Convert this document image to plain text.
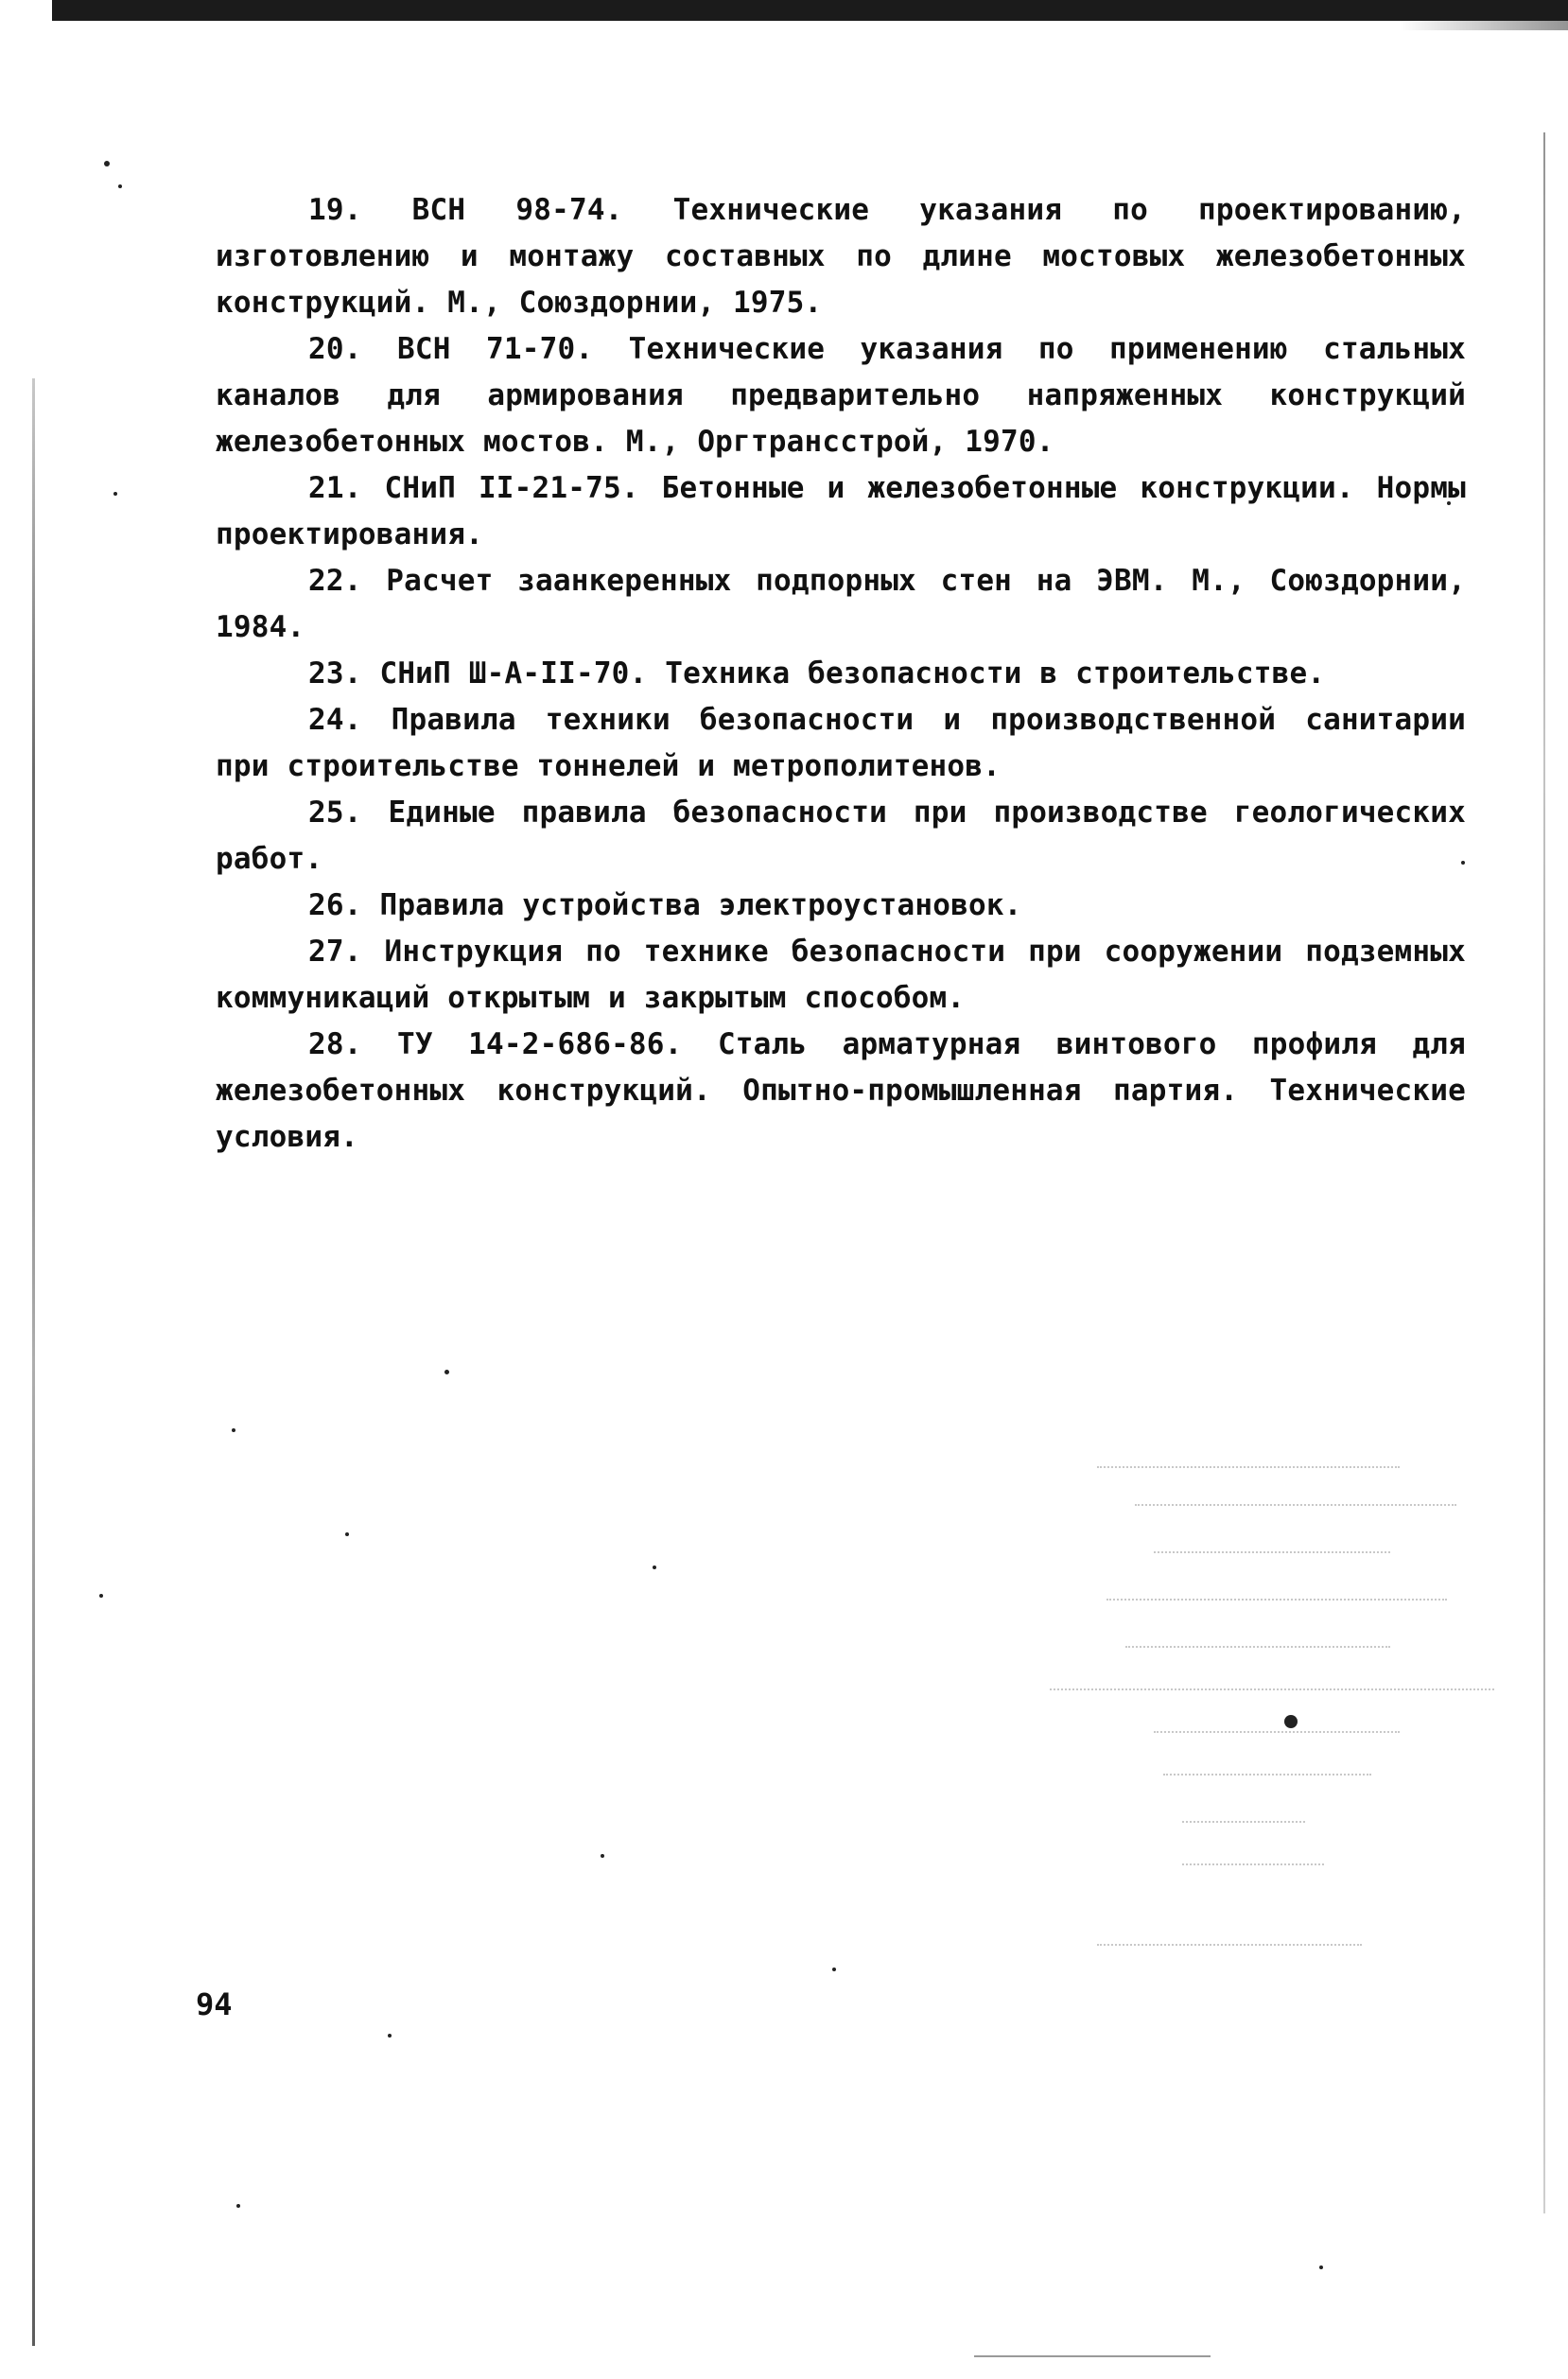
19. ВСН 98-74. Технические указания по проектированию, изготовлению и монтажу составных по длине мостовых железобетонных конструкций. М., Союздорнии, 1975.

20. ВСН 71-70. Технические указания по применению стальных каналов для армирования предварительно напряженных конструкций железобетонных мостов. М., Оргтрансстрой, 1970.

21. СНиП II-21-75. Бетонные и железобетонные конструкции. Нормы проектирования.

22. Расчет заанкеренных подпорных стен на ЭВМ. М., Союздорнии, 1984.

23. СНиП Ш-А-II-70. Техника безопасности в строительстве.

24. Правила техники безопасности и производственной санитарии при строительстве тоннелей и метрополитенов.

25. Единые правила безопасности при производстве геологических работ.

26. Правила устройства электроустановок.

27. Инструкция по технике безопасности при сооружении подземных коммуникаций открытым и закрытым способом.

28. ТУ 14-2-686-86. Сталь арматурная винтового профиля для железобетонных конструкций. Опытно-промышленная партия. Технические условия.

94
